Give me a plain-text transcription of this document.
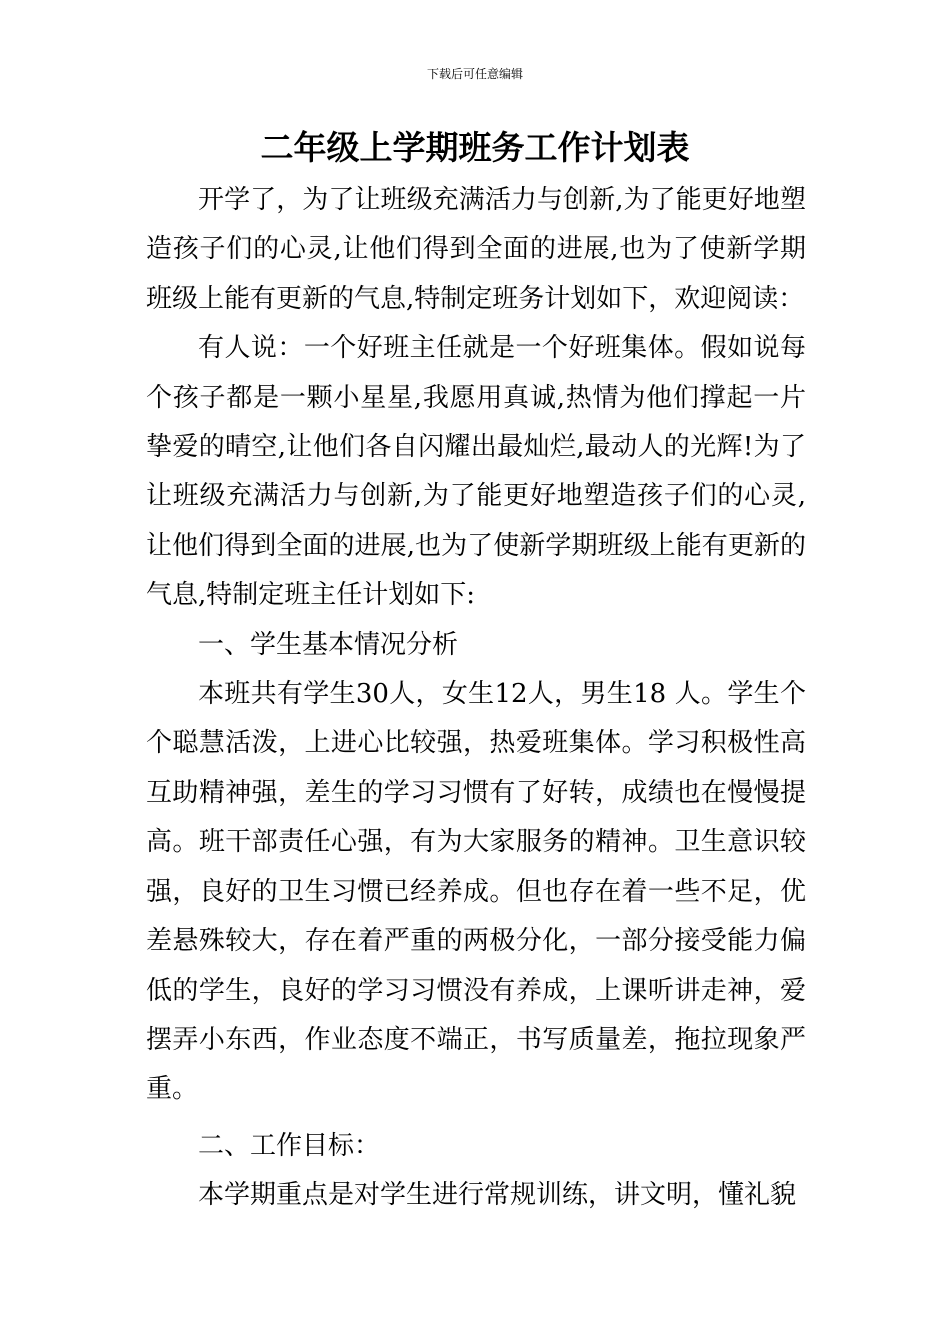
下载后可任意编辑
二年级上学期班务工作计划表

开学了，为了让班级充满活力与创新,为了能更好地塑造孩子们的心灵,让他们得到全面的进展,也为了使新学期班级上能有更新的气息,特制定班务计划如下，欢迎阅读：

有人说：一个好班主任就是一个好班集体。假如说每个孩子都是一颗小星星,我愿用真诚,热情为他们撑起一片挚爱的晴空,让他们各自闪耀出最灿烂,最动人的光辉!为了让班级充满活力与创新,为了能更好地塑造孩子们的心灵,让他们得到全面的进展,也为了使新学期班级上能有更新的气息,特制定班主任计划如下:

一、学生基本情况分析

本班共有学生30人，女生12人，男生18 人。学生个个聪慧活泼，上进心比较强，热爱班集体。学习积极性高互助精神强，差生的学习习惯有了好转，成绩也在慢慢提高。班干部责任心强，有为大家服务的精神。卫生意识较强，良好的卫生习惯已经养成。但也存在着一些不足，优差悬殊较大，存在着严重的两极分化，一部分接受能力偏低的学生，良好的学习习惯没有养成，上课听讲走神，爱摆弄小东西，作业态度不端正，书写质量差，拖拉现象严重。

二、工作目标：

本学期重点是对学生进行常规训练，讲文明，懂礼貌
